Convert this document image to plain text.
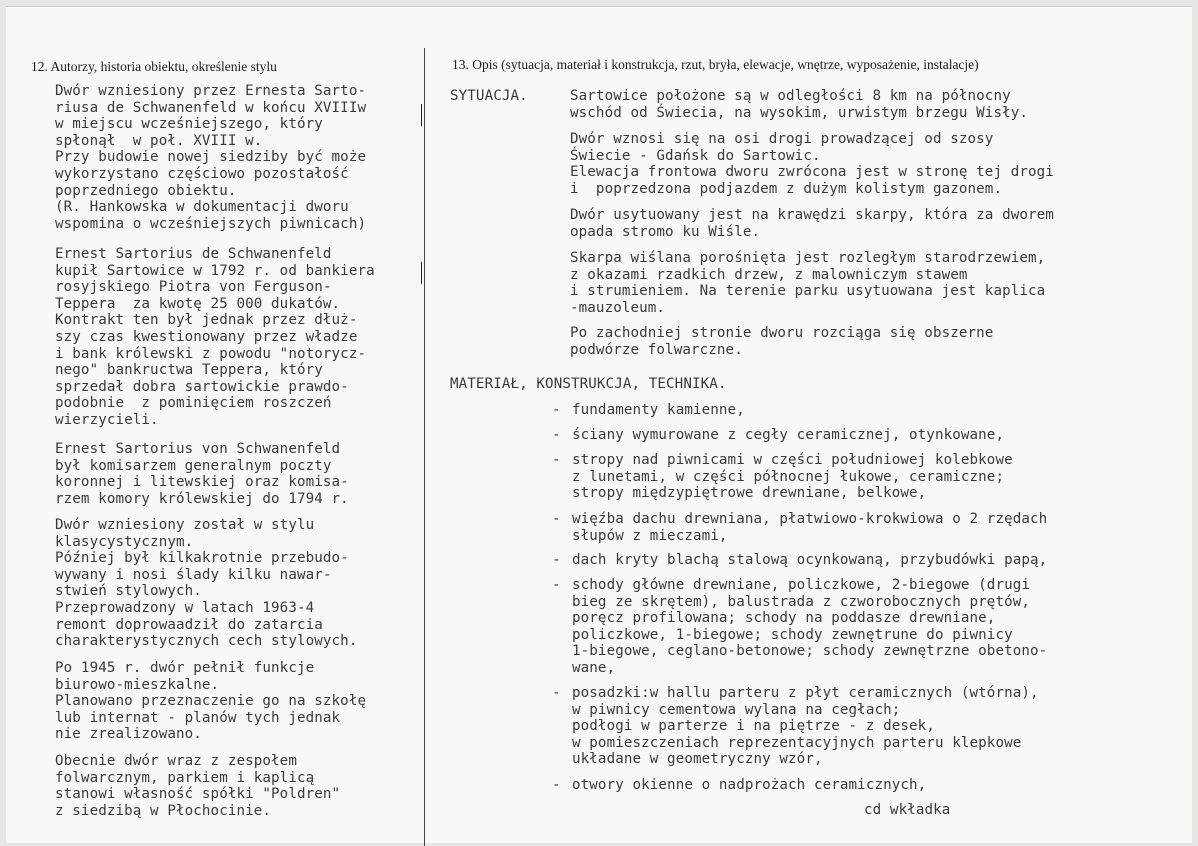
12. Autorzy, historia obiektu, określenie stylu
Dwór wzniesiony przez Ernesta Sarto-
riusa de Schwanenfeld w końcu XVIIIw
w miejscu wcześniejszego, który
spłonął  w poł. XVIII w.
Przy budowie nowej siedziby być może
wykorzystano częściowo pozostałość
poprzedniego obiektu.
(R. Hankowska w dokumentacji dworu
wspomina o wcześniejszych piwnicach)
Ernest Sartorius de Schwanenfeld
kupił Sartowice w 1792 r. od bankiera
rosyjskiego Piotra von Ferguson-
Teppera  za kwotę 25 000 dukatów.
Kontrakt ten był jednak przez dłuż-
szy czas kwestionowany przez władze
i bank królewski z powodu "notorycz-
nego" bankructwa Teppera, który
sprzedał dobra sartowickie prawdo-
podobnie  z pominięciem roszczeń
wierzycieli.
Ernest Sartorius von Schwanenfeld
był komisarzem generalnym poczty
koronnej i litewskiej oraz komisa-
rzem komory królewskiej do 1794 r.
Dwór wzniesiony został w stylu
klasycystycznym.
Później był kilkakrotnie przebudo-
wywany i nosi ślady kilku nawar-
stwień stylowych.
Przeprowadzony w latach 1963-4
remont doprowaadził do zatarcia
charakterystycznych cech stylowych.
Po 1945 r. dwór pełnił funkcje
biurowo-mieszkalne.
Planowano przeznaczenie go na szkołę
lub internat - planów tych jednak
nie zrealizowano.
Obecnie dwór wraz z zespołem
folwarcznym, parkiem i kaplicą
stanowi własność spółki "Poldren"
z siedzibą w Płochocinie.
13. Opis (sytuacja, materiał i konstrukcja, rzut, bryła, elewacje, wnętrze, wyposażenie, instalacje)
SYTUACJA.	Sartowice położone są w odległości 8 km na północny
wschód od Świecia, na wysokim, urwistym brzegu Wisły.
Dwór wznosi się na osi drogi prowadzącej od szosy
Świecie - Gdańsk do Sartowic.
Elewacja frontowa dworu zwrócona jest w stronę tej drogi
i  poprzedzona podjazdem z dużym kolistym gazonem.
Dwór usytuowany jest na krawędzi skarpy, która za dworem
opada stromo ku Wiśle.
Skarpa wiślana porośnięta jest rozległym starodrzewiem,
z okazami rzadkich drzew, z malowniczym stawem
i strumieniem. Na terenie parku usytuowana jest kaplica
-mauzoleum.
Po zachodniej stronie dworu rozciąga się obszerne
podwórze folwarczne.
MATERIAŁ, KONSTRUKCJA, TECHNIKA.
- fundamenty kamienne,
- ściany wymurowane z cegły ceramicznej, otynkowane,
- stropy nad piwnicami w części południowej kolebkowe
z lunetami, w części północnej łukowe, ceramiczne;
stropy międzypiętrowe drewniane, belkowe,
- więźba dachu drewniana, płatwiowo-krokwiowa o 2 rzędach
słupów z mieczami,
- dach kryty blachą stalową ocynkowaną, przybudówki papą,
- schody główne drewniane, policzkowe, 2-biegowe (drugi
bieg ze skrętem), balustrada z czworobocznych prętów,
poręcz profilowana; schody na poddasze drewniane,
policzkowe, 1-biegowe; schody zewnętrune do piwnicy
1-biegowe, ceglano-betonowe; schody zewnętrzne obetono-
wane,
- posadzki:w hallu parteru z płyt ceramicznych (wtórna),
w piwnicy cementowa wylana na cegłach;
podłogi w parterze i na piętrze - z desek,
w pomieszczeniach reprezentacyjnych parteru klepkowe
układane w geometryczny wzór,
- otwory okienne o nadprożach ceramicznych,
cd wkładka
